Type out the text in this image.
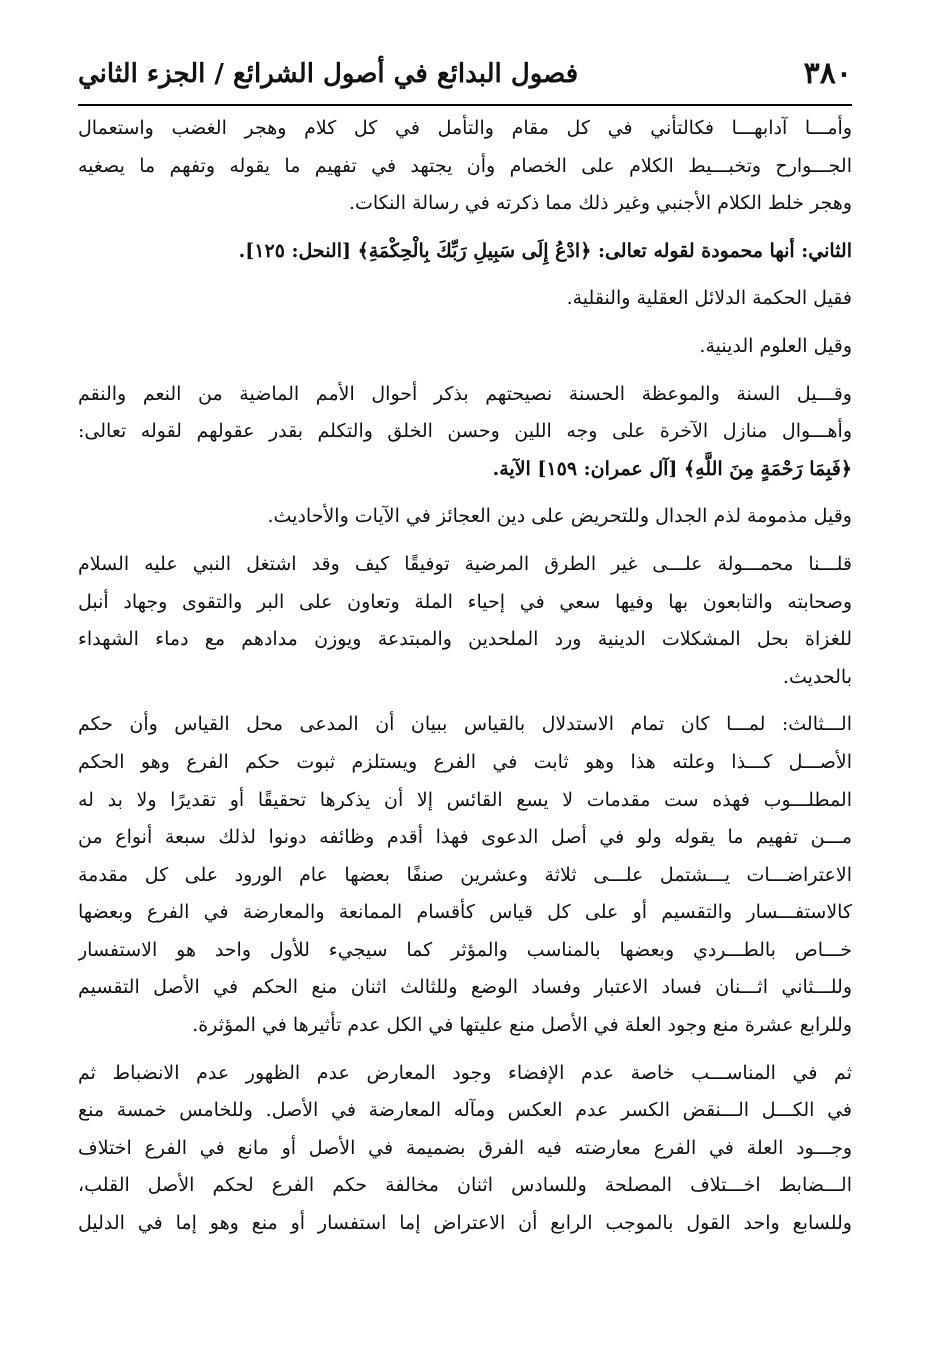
٣٨٠
فصول البدائع في أصول الشرائع / الجزء الثاني
وأمـــا آدابهـــا فكالتأني في كل مقام والتأمل في كل كلام وهجر الغضب واستعمال
الجـــوارح وتخبـــيط الكلام على الخصام وأن يجتهد في تفهيم ما يقوله وتفهم ما يصغيه
وهجر خلط الكلام الأجنبي وغير ذلك مما ذكرته في رسالة النكات.
الثاني: أنها محمودة لقوله تعالى: ﴿ادْعُ إِلَى سَبِيلِ رَبِّكَ بِالْحِكْمَةِ﴾ [النحل: ١٢٥].
فقيل الحكمة الدلائل العقلية والنقلية.
وقيل العلوم الدينية.
وقـــيل السنة والموعظة الحسنة نصيحتهم بذكر أحوال الأمم الماضية من النعم والنقم
وأهـــوال منازل الآخرة على وجه اللين وحسن الخلق والتكلم بقدر عقولهم لقوله تعالى:
﴿فَبِمَا رَحْمَةٍ مِنَ اللَّهِ﴾ [آل عمران: ١٥٩] الآية.
وقيل مذمومة لذم الجدال وللتحريض على دين العجائز في الآيات والأحاديث.
قلـــنا محمـــولة علـــى غير الطرق المرضية توفيقًا كيف وقد اشتغل النبي عليه السلام
وصحابته والتابعون بها وفيها سعي في إحياء الملة وتعاون على البر والتقوى وجهاد أنبل
للغزاة بحل المشكلات الدينية ورد الملحدين والمبتدعة ويوزن مدادهم مع دماء الشهداء
بالحديث.
الـــثالث: لمـــا كان تمام الاستدلال بالقياس ببيان أن المدعى محل القياس وأن حكم
الأصـــل كـــذا وعلته هذا وهو ثابت في الفرع ويستلزم ثبوت حكم الفرع وهو الحكم
المطلـــوب فهذه ست مقدمات لا يسع القائس إلا أن يذكرها تحقيقًا أو تقديرًا ولا بد له
مـــن تفهيم ما يقوله ولو في أصل الدعوى فهذا أقدم وظائفه دونوا لذلك سبعة أنواع من
الاعتراضـــات يـــشتمل علـــى ثلاثة وعشرين صنفًا بعضها عام الورود على كل مقدمة
كالاستفـــسار والتقسيم أو على كل قياس كأقسام الممانعة والمعارضة في الفرع وبعضها
خـــاص بالطـــردي وبعضها بالمناسب والمؤثر كما سيجيء للأول واحد هو الاستفسار
وللـــثاني اثـــنان فساد الاعتبار وفساد الوضع وللثالث اثنان منع الحكم في الأصل التقسيم
وللرابع عشرة منع وجود العلة في الأصل منع عليتها في الكل عدم تأثيرها في المؤثرة.
ثم في المناســـب خاصة عدم الإفضاء وجود المعارض عدم الظهور عدم الانضباط ثم
في الكـــل الـــنقض الكسر عدم العكس ومآله المعارضة في الأصل. وللخامس خمسة منع
وجـــود العلة في الفرع معارضته فيه الفرق بضميمة في الأصل أو مانع في الفرع اختلاف
الـــضابط اخـــتلاف المصلحة وللسادس اثنان مخالفة حكم الفرع لحكم الأصل القلب،
وللسابع واحد القول بالموجب الرابع أن الاعتراض إما استفسار أو منع وهو إما في الدليل
